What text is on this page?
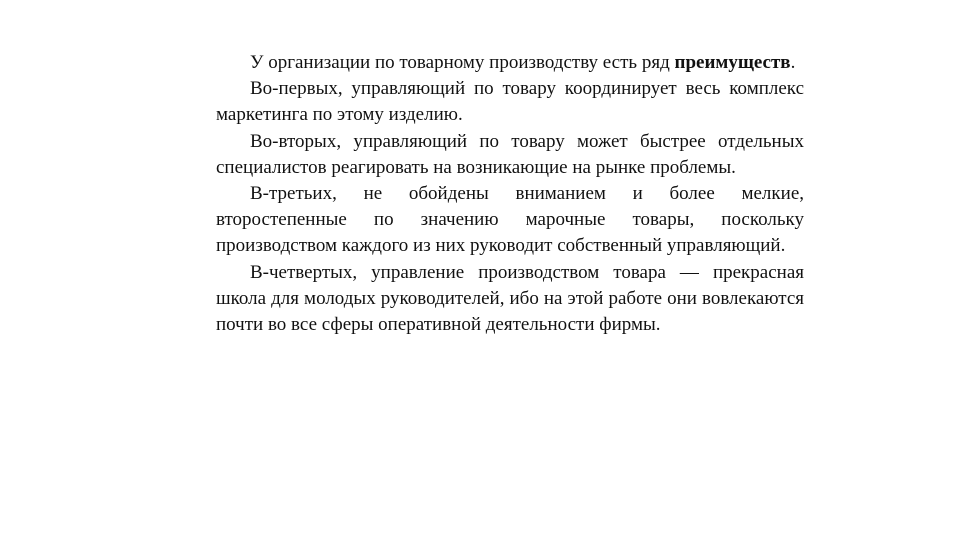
У организации по товарному производству есть ряд преимуществ.

Во-первых, управляющий по товару координирует весь комплекс маркетинга по этому изделию.

Во-вторых, управляющий по товару может быстрее отдельных специалистов реагировать на возникающие на рынке проблемы.

В-третьих, не обойдены вниманием и более мелкие, второстепенные по значению марочные товары, поскольку производством каждого из них руководит собственный управляющий.

В-четвертых, управление производством товара — прекрасная школа для молодых руководителей, ибо на этой работе они вовлекаются почти во все сферы оперативной деятельности фирмы.
